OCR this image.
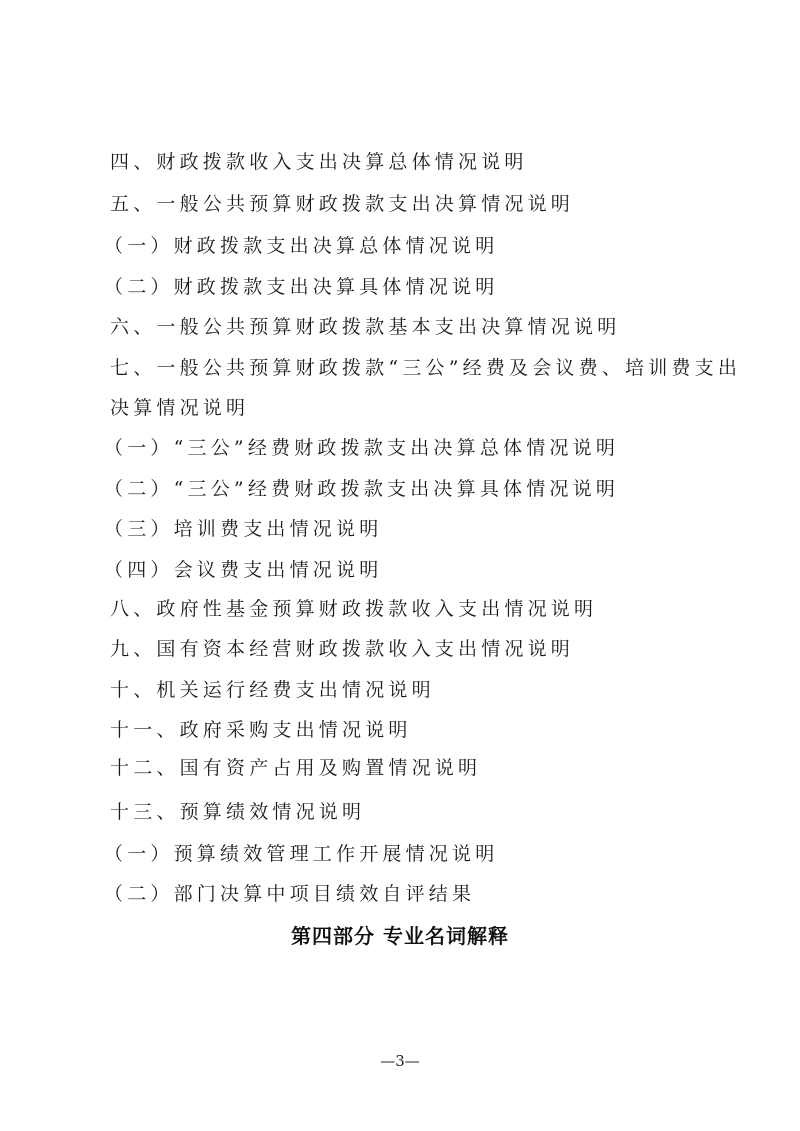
四、财政拨款收入支出决算总体情况说明
五、一般公共预算财政拨款支出决算情况说明
（一）财政拨款支出决算总体情况说明
（二）财政拨款支出决算具体情况说明
六、一般公共预算财政拨款基本支出决算情况说明
七、一般公共预算财政拨款“三公”经费及会议费、培训费支出
决算情况说明
（一）“三公”经费财政拨款支出决算总体情况说明
（二）“三公”经费财政拨款支出决算具体情况说明
（三）培训费支出情况说明
（四）会议费支出情况说明
八、政府性基金预算财政拨款收入支出情况说明
九、国有资本经营财政拨款收入支出情况说明
十、机关运行经费支出情况说明
十一、政府采购支出情况说明
十二、国有资产占用及购置情况说明
十三、预算绩效情况说明
（一）预算绩效管理工作开展情况说明
（二）部门决算中项目绩效自评结果
第四部分 专业名词解释
—3—
